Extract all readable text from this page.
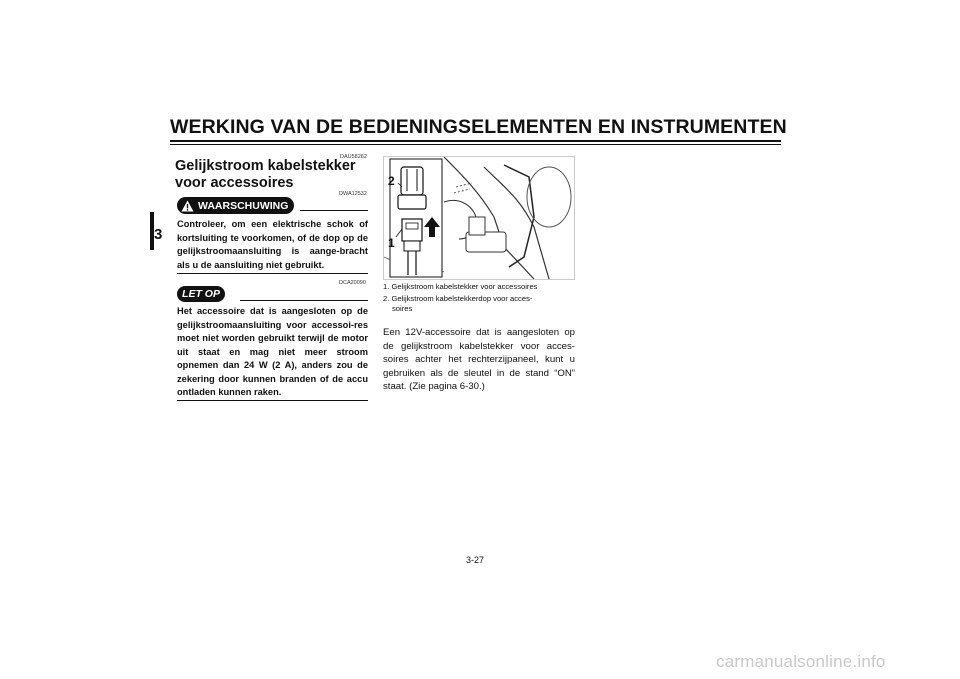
WERKING VAN DE BEDIENINGSELEMENTEN EN INSTRUMENTEN
3
DAU58262
Gelijkstroom kabelstekker voor accessoires
DWA12532
WAARSCHUWING
Controleer, om een elektrische schok of kortsluiting te voorkomen, of de dop op de gelijkstroomaansluiting is aange-bracht als u de aansluiting niet gebruikt.
DCA20090
LET OP
Het accessoire dat is aangesloten op de gelijkstroomaansluiting voor accessoi-res moet niet worden gebruikt terwijl de motor uit staat en mag niet meer stroom opnemen dan 24 W (2 A), anders zou de zekering door kunnen branden of de accu ontladen kunnen raken.
2
1
1. Gelijkstroom kabelstekker voor accessoires
2. Gelijkstroom kabelstekkerdop voor acces-
soires
Een 12V-accessoire dat is aangesloten op de gelijkstroom kabelstekker voor acces-soires achter het rechterzijpaneel, kunt u gebruiken als de sleutel in de stand “ON” staat. (Zie pagina 6-30.)
3-27
carmanualsonline.info
